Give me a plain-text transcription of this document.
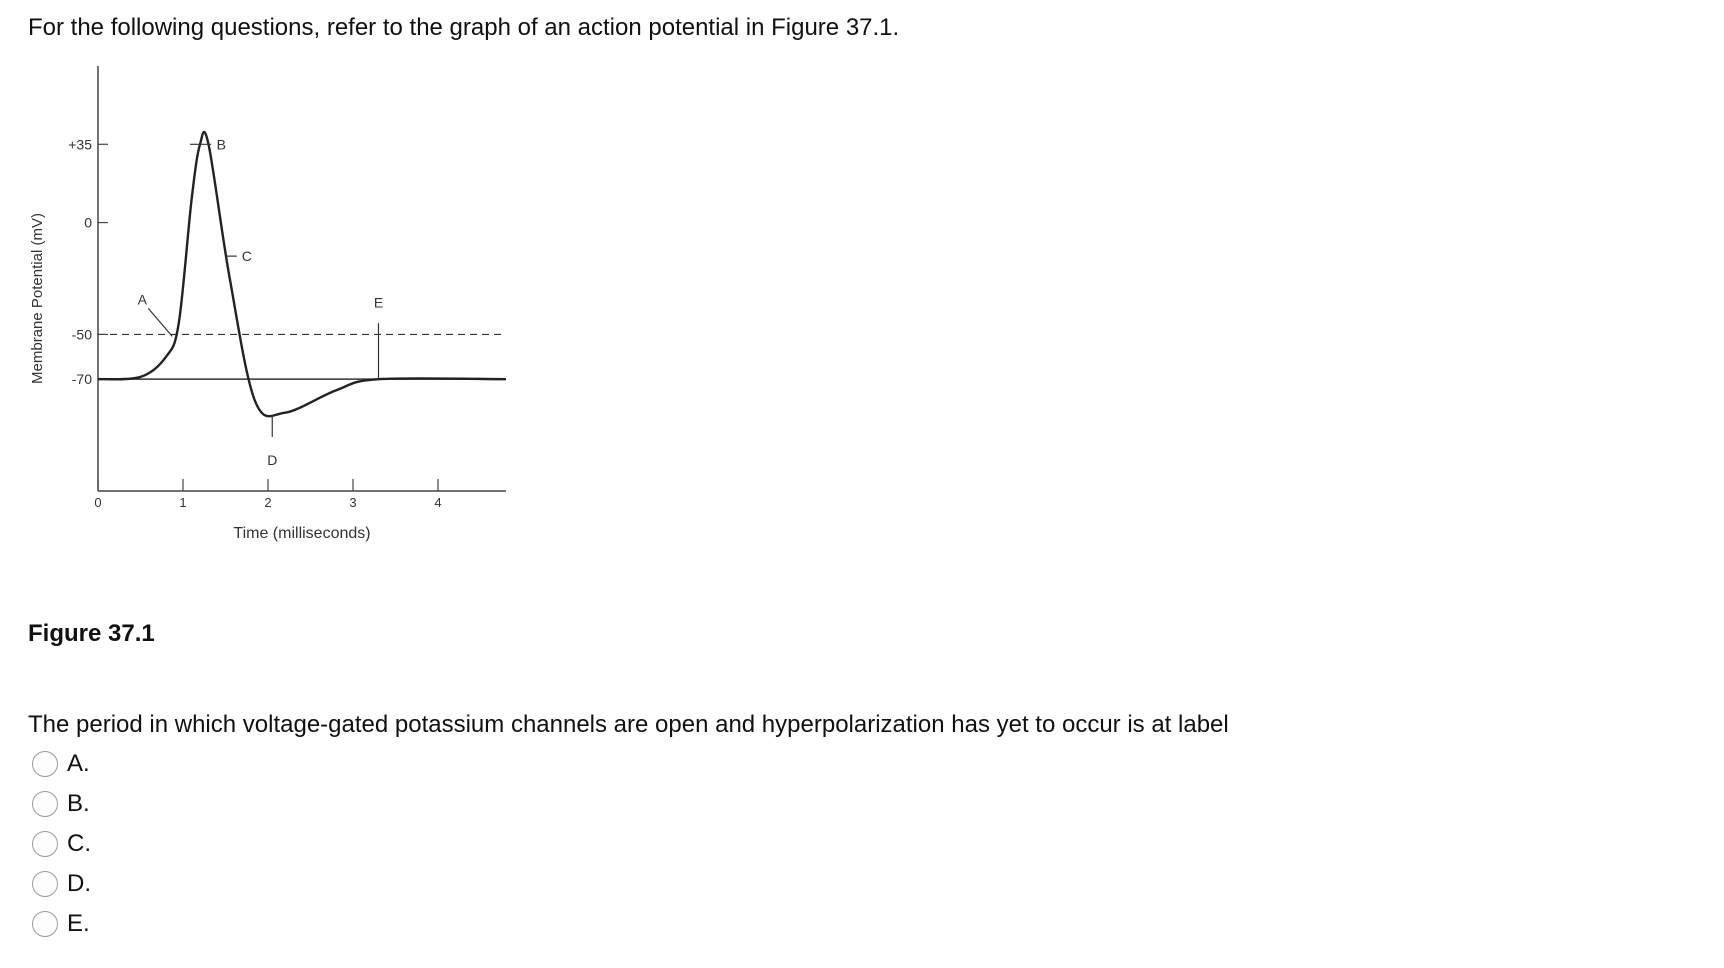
For the following questions, refer to the graph of an action potential in Figure 37.1.
+35
0
-50
-70
0	1	2	3	4
Time (milliseconds)
Membrane Potential (mV)	A
B
C
D
E
Figure 37.1
The period in which voltage-gated potassium channels are open and hyperpolarization has yet to occur is at label
A.
B.
C.
D.
E.
